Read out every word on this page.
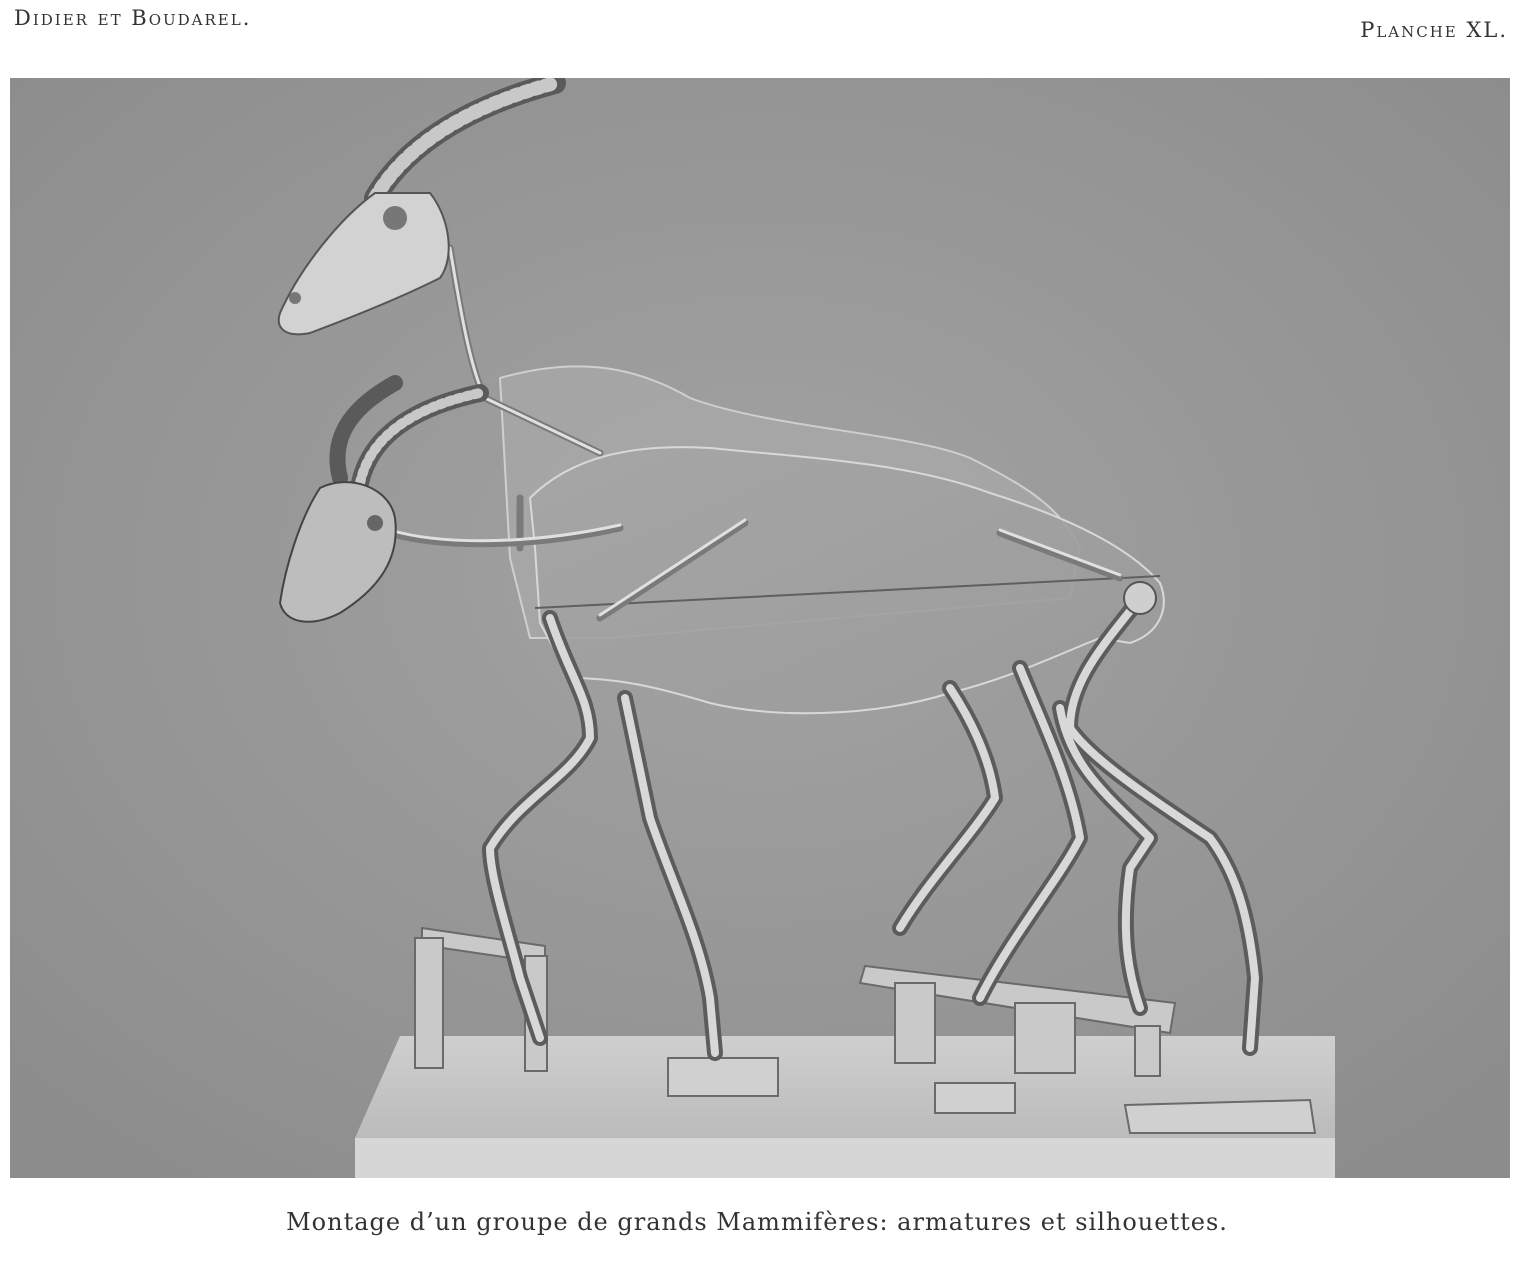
Didier et Boudarel.	Planche XL.
Montage d’un groupe de grands Mammifères: armatures et silhouettes.
